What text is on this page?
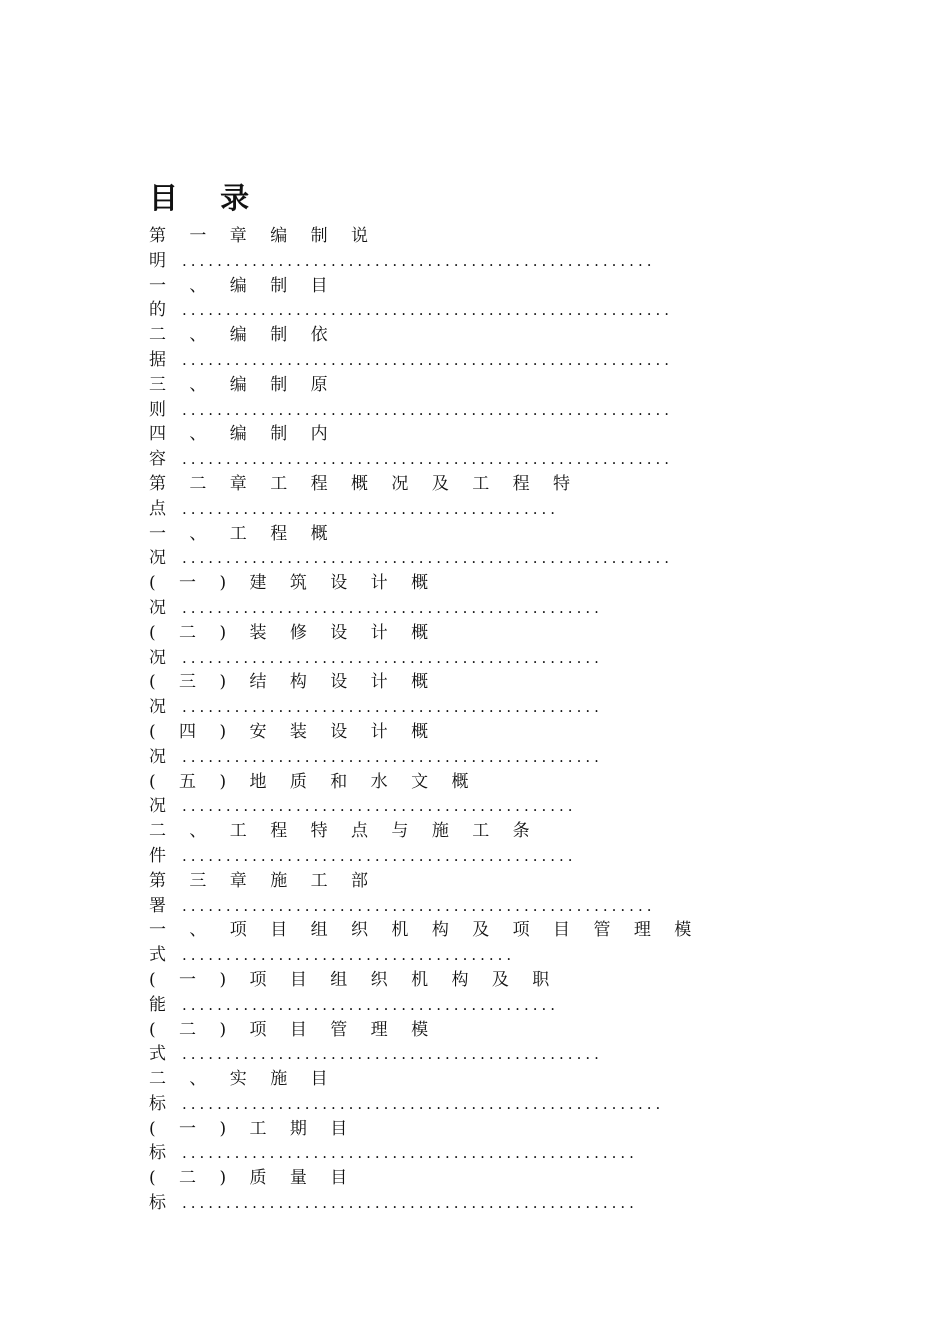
目 录
第 一 章 编 制 说
明 ......................................................
一 、 编 制 目
的 ........................................................
二 、 编 制 依
据 ........................................................
三 、 编 制 原
则 ........................................................
四 、 编 制 内
容 ........................................................
第 二 章 工 程 概 况 及 工 程 特
点 ...........................................
一 、 工 程 概
况 ........................................................
( 一 ) 建 筑 设 计 概
况 ................................................
( 二 ) 装 修 设 计 概
况 ................................................
( 三 ) 结 构 设 计 概
况 ................................................
( 四 ) 安 装 设 计 概
况 ................................................
( 五 ) 地 质 和 水 文 概
况 .............................................
二 、 工 程 特 点 与 施 工 条
件 .............................................
第 三 章 施 工 部
署 ......................................................
一 、 项 目 组 织 机 构 及 项 目 管 理 模
式 ......................................
( 一 ) 项 目 组 织 机 构 及 职
能 ...........................................
( 二 ) 项 目 管 理 模
式 ................................................
二 、 实 施 目
标 .......................................................
( 一 ) 工 期 目
标 ....................................................
( 二 ) 质 量 目
标 ....................................................
